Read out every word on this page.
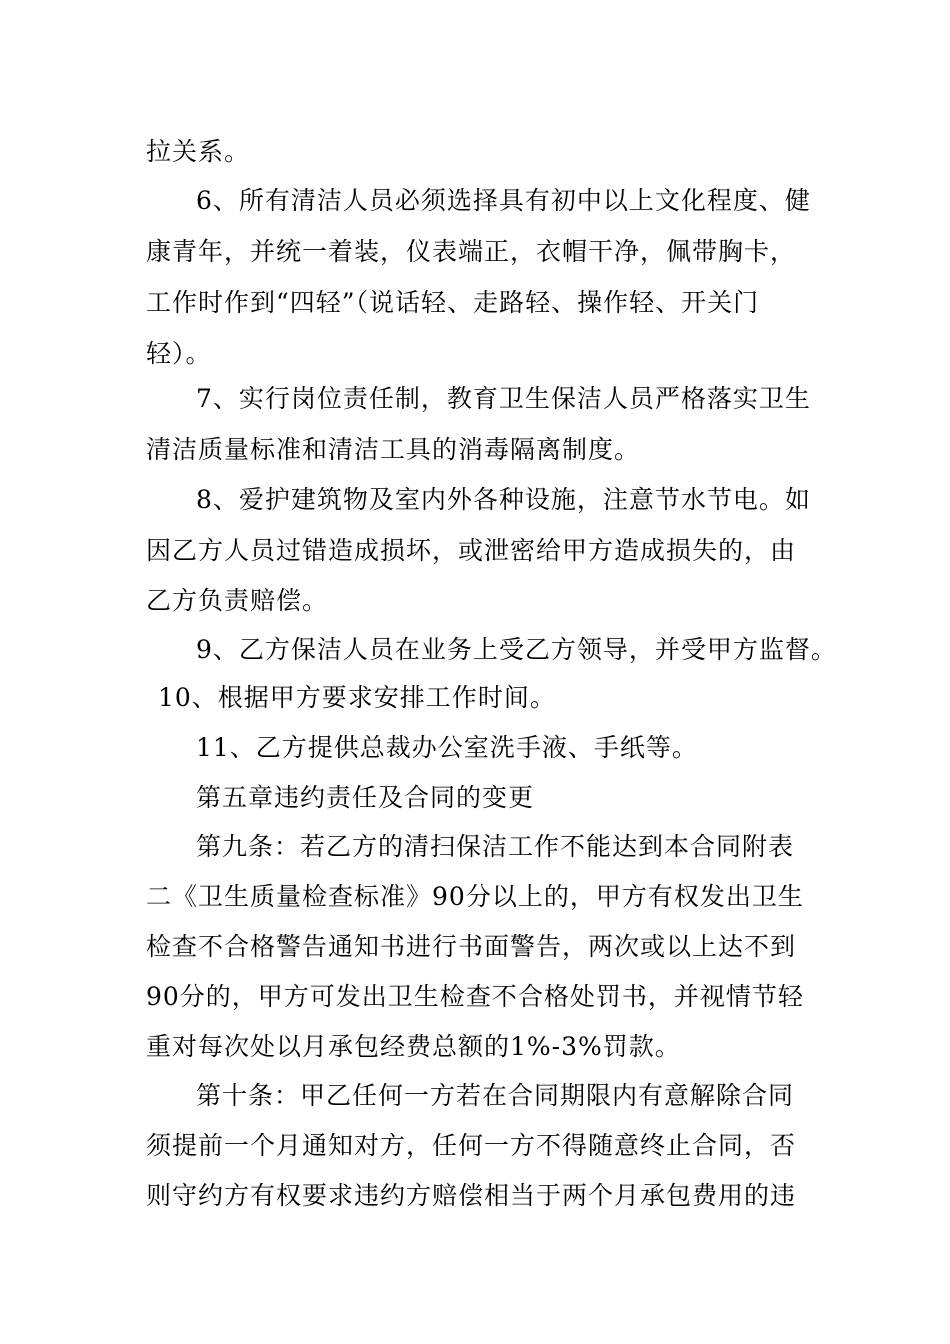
拉关系。
6、所有清洁人员必须选择具有初中以上文化程度、健
康青年，并统一着装，仪表端正，衣帽干净，佩带胸卡，
工作时作到“四轻”（说话轻、走路轻、操作轻、开关门
轻）。
7、实行岗位责任制，教育卫生保洁人员严格落实卫生
清洁质量标准和清洁工具的消毒隔离制度。
8、爱护建筑物及室内外各种设施，注意节水节电。如
因乙方人员过错造成损坏，或泄密给甲方造成损失的，由
乙方负责赔偿。
9、乙方保洁人员在业务上受乙方领导，并受甲方监督。
10、根据甲方要求安排工作时间。
11、乙方提供总裁办公室洗手液、手纸等。
第五章违约责任及合同的变更
第九条：若乙方的清扫保洁工作不能达到本合同附表
二《卫生质量检查标准》90分以上的，甲方有权发出卫生
检查不合格警告通知书进行书面警告，两次或以上达不到
90分的，甲方可发出卫生检查不合格处罚书，并视情节轻
重对每次处以月承包经费总额的1%-3%罚款。
第十条：甲乙任何一方若在合同期限内有意解除合同
须提前一个月通知对方，任何一方不得随意终止合同，否
则守约方有权要求违约方赔偿相当于两个月承包费用的违
